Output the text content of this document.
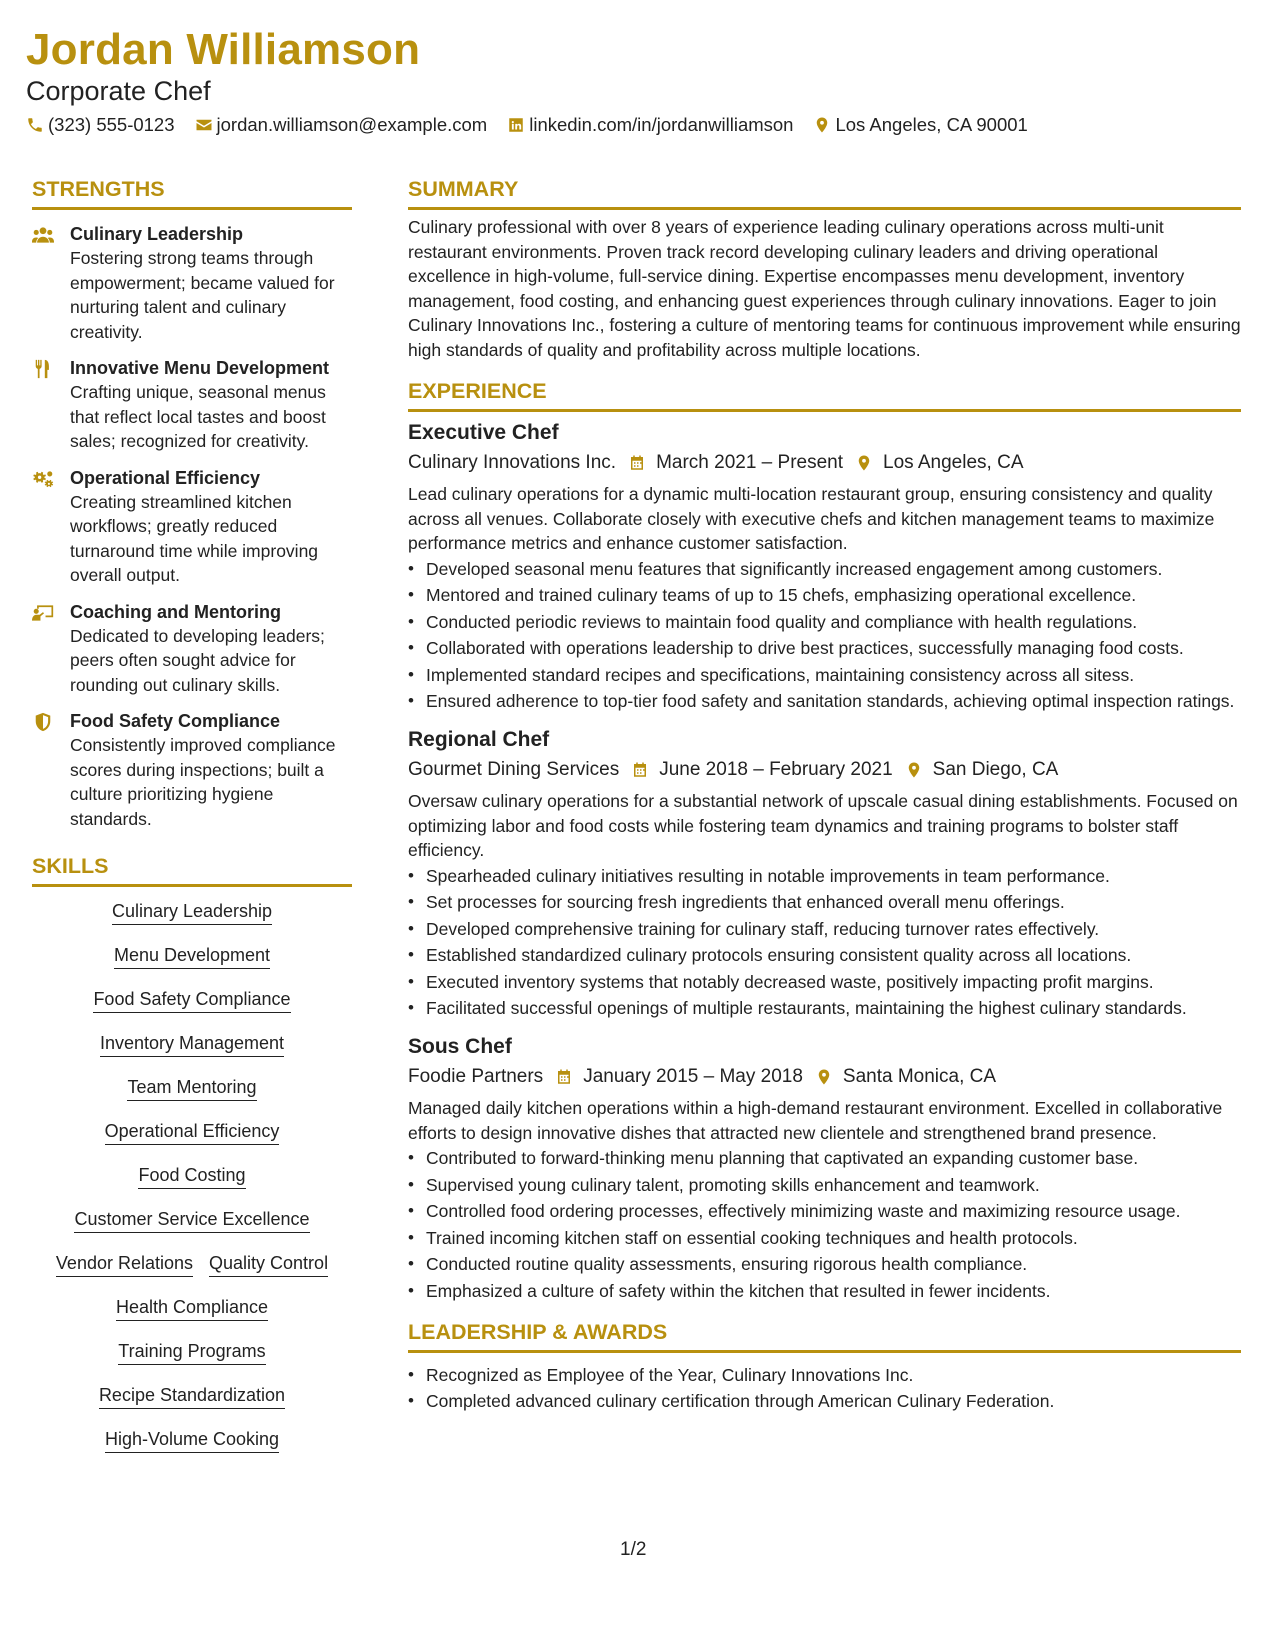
Jordan Williamson
Corporate Chef
(323) 555-0123 jordan.williamson@example.com linkedin.com/in/jordanwilliamson Los Angeles, CA 90001
STRENGTHS
Culinary Leadership
Fostering strong teams through empowerment; became valued for nurturing talent and culinary creativity.
Innovative Menu Development
Crafting unique, seasonal menus that reflect local tastes and boost sales; recognized for creativity.
Operational Efficiency
Creating streamlined kitchen workflows; greatly reduced turnaround time while improving overall output.
Coaching and Mentoring
Dedicated to developing leaders; peers often sought advice for rounding out culinary skills.
Food Safety Compliance
Consistently improved compliance scores during inspections; built a culture prioritizing hygiene standards.
SKILLS
Culinary Leadership
Menu Development
Food Safety Compliance
Inventory Management
Team Mentoring
Operational Efficiency
Food Costing
Customer Service Excellence
Vendor Relations Quality Control
Health Compliance
Training Programs
Recipe Standardization
High-Volume Cooking
SUMMARY
Culinary professional with over 8 years of experience leading culinary operations across multi-unit restaurant environments. Proven track record developing culinary leaders and driving operational excellence in high-volume, full-service dining. Expertise encompasses menu development, inventory management, food costing, and enhancing guest experiences through culinary innovations. Eager to join Culinary Innovations Inc., fostering a culture of mentoring teams for continuous improvement while ensuring high standards of quality and profitability across multiple locations.
EXPERIENCE
Executive Chef
Culinary Innovations Inc. March 2021 – Present Los Angeles, CA
Lead culinary operations for a dynamic multi-location restaurant group, ensuring consistency and quality across all venues. Collaborate closely with executive chefs and kitchen management teams to maximize performance metrics and enhance customer satisfaction.
• Developed seasonal menu features that significantly increased engagement among customers.
• Mentored and trained culinary teams of up to 15 chefs, emphasizing operational excellence.
• Conducted periodic reviews to maintain food quality and compliance with health regulations.
• Collaborated with operations leadership to drive best practices, successfully managing food costs.
• Implemented standard recipes and specifications, maintaining consistency across all sitess.
• Ensured adherence to top-tier food safety and sanitation standards, achieving optimal inspection ratings.
Regional Chef
Gourmet Dining Services June 2018 – February 2021 San Diego, CA
Oversaw culinary operations for a substantial network of upscale casual dining establishments. Focused on optimizing labor and food costs while fostering team dynamics and training programs to bolster staff efficiency.
• Spearheaded culinary initiatives resulting in notable improvements in team performance.
• Set processes for sourcing fresh ingredients that enhanced overall menu offerings.
• Developed comprehensive training for culinary staff, reducing turnover rates effectively.
• Established standardized culinary protocols ensuring consistent quality across all locations.
• Executed inventory systems that notably decreased waste, positively impacting profit margins.
• Facilitated successful openings of multiple restaurants, maintaining the highest culinary standards.
Sous Chef
Foodie Partners January 2015 – May 2018 Santa Monica, CA
Managed daily kitchen operations within a high-demand restaurant environment. Excelled in collaborative efforts to design innovative dishes that attracted new clientele and strengthened brand presence.
• Contributed to forward-thinking menu planning that captivated an expanding customer base.
• Supervised young culinary talent, promoting skills enhancement and teamwork.
• Controlled food ordering processes, effectively minimizing waste and maximizing resource usage.
• Trained incoming kitchen staff on essential cooking techniques and health protocols.
• Conducted routine quality assessments, ensuring rigorous health compliance.
• Emphasized a culture of safety within the kitchen that resulted in fewer incidents.
LEADERSHIP & AWARDS
• Recognized as Employee of the Year, Culinary Innovations Inc.
• Completed advanced culinary certification through American Culinary Federation.
1/2
